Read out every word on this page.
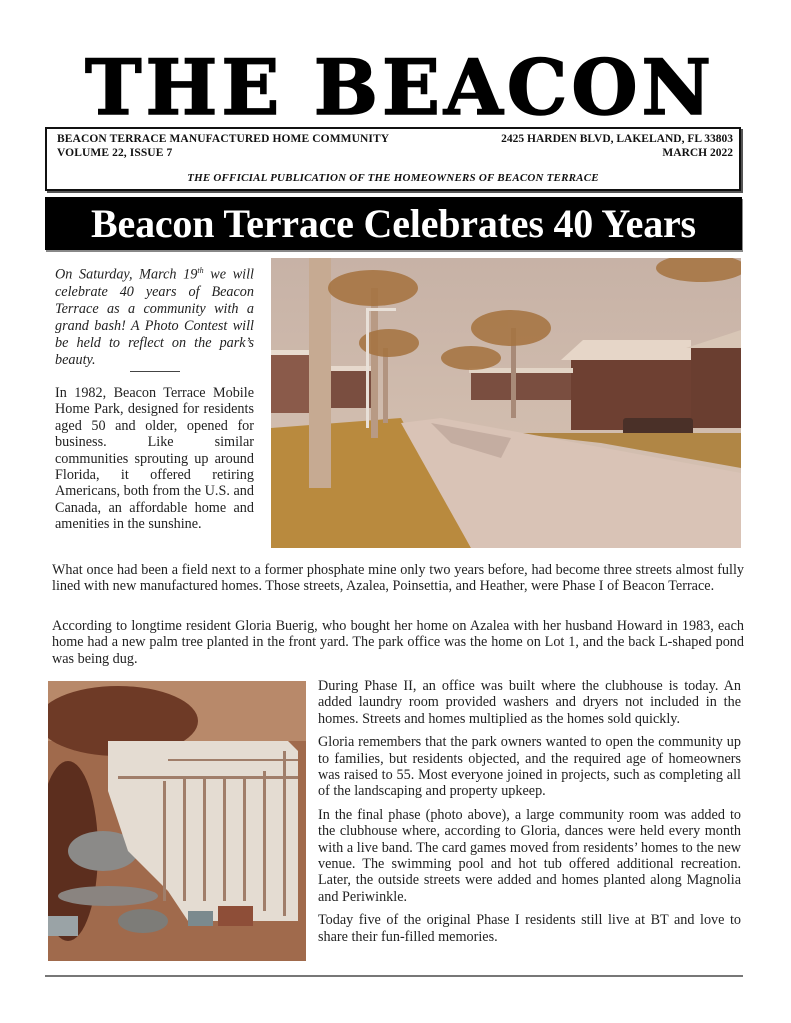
THE BEACON
BEACON TERRACE MANUFACTURED HOME COMMUNITY
VOLUME 22, ISSUE 7
2425 HARDEN BLVD, LAKELAND, FL 33803
MARCH 2022
THE OFFICIAL PUBLICATION OF THE HOMEOWNERS OF BEACON TERRACE
Beacon Terrace Celebrates 40 Years
On Saturday, March 19th we will celebrate 40 years of Beacon Terrace as a community with a grand bash! A Photo Contest will be held to reflect on the park’s beauty.
In 1982, Beacon Terrace Mobile Home Park, designed for residents aged 50 and older, opened for business. Like similar communities sprouting up around Florida, it offered retiring Americans, both from the U.S. and Canada, an affordable home and amenities in the sunshine.
What once had been a field next to a former phosphate mine only two years before, had become three streets almost fully lined with new manufactured homes. Those streets, Azalea, Poinsettia, and Heather, were Phase I of Beacon Terrace.
According to longtime resident Gloria Buerig, who bought her home on Azalea with her husband Howard in 1983, each home had a new palm tree planted in the front yard. The park office was the home on Lot 1, and the back L-shaped pond was being dug.

During Phase II, an office was built where the clubhouse is today. An added laundry room provided washers and dryers not included in the homes. Streets and homes multiplied as the homes sold quickly.

Gloria remembers that the park owners wanted to open the community up to families, but residents objected, and the required age of homeowners was raised to 55. Most everyone joined in projects, such as completing all of the landscaping and property upkeep.

In the final phase (photo above), a large community room was added to the clubhouse where, according to Gloria, dances were held every month with a live band. The card games moved from residents’ homes to the new venue. The swimming pool and hot tub offered additional recreation. Later, the outside streets were added and homes planted along Magnolia and Periwinkle.

Today five of the original Phase I residents still live at BT and love to share their fun-filled memories.
